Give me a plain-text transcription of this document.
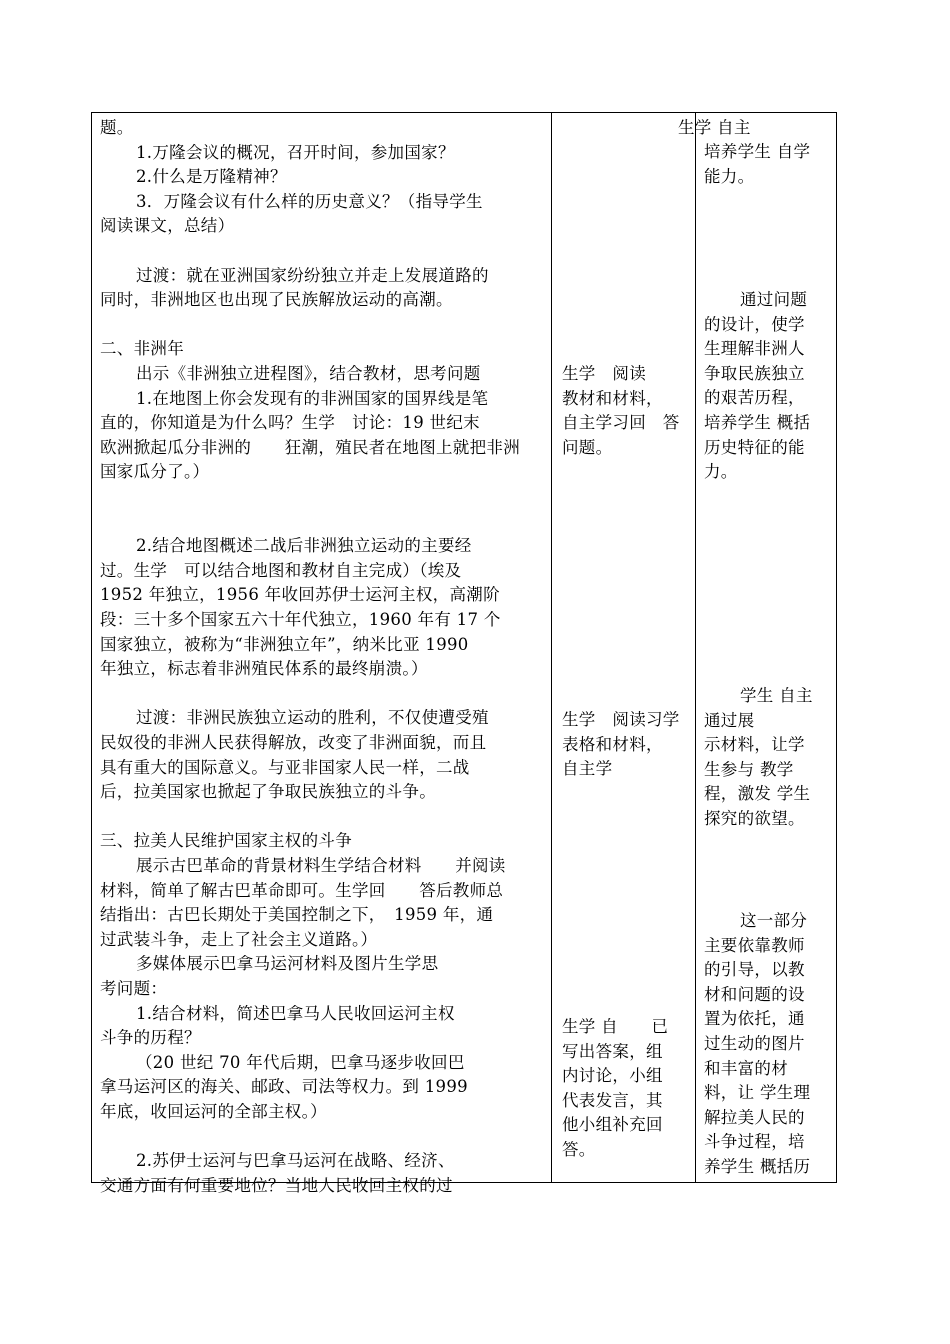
题。
1.万隆会议的概况，召开时间，参加国家？
2.什么是万隆精神？
3．万隆会议有什么样的历史意义？（指导学生
阅读课文，总结）
过渡：就在亚洲国家纷纷独立并走上发展道路的
同时，非洲地区也出现了民族解放运动的高潮。
二、非洲年
出示《非洲独立进程图》，结合教材，思考问题
1.在地图上你会发现有的非洲国家的国界线是笔
直的，你知道是为什么吗？生学　讨论：19 世纪末
欧洲掀起瓜分非洲的　　狂潮，殖民者在地图上就把非洲
国家瓜分了。）
2.结合地图概述二战后非洲独立运动的主要经
过。生学　可以结合地图和教材自主完成）（埃及
1952 年独立，1956 年收回苏伊士运河主权，高潮阶
段：三十多个国家五六十年代独立，1960 年有 17 个
国家独立，被称为“非洲独立年”，纳米比亚 1990
年独立，标志着非洲殖民体系的最终崩溃。）
过渡：非洲民族独立运动的胜利，不仅使遭受殖
民奴役的非洲人民获得解放，改变了非洲面貌，而且
具有重大的国际意义。与亚非国家人民一样，二战
后，拉美国家也掀起了争取民族独立的斗争。
三、拉美人民维护国家主权的斗争
展示古巴革命的背景材料生学结合材料　　并阅读
材料，简单了解古巴革命即可。生学回　　答后教师总
结指出：古巴长期处于美国控制之下，　1959 年，通
过武装斗争，走上了社会主义道路。）
多媒体展示巴拿马运河材料及图片生学思
考问题：
1.结合材料，简述巴拿马人民收回运河主权
斗争的历程？
（20 世纪 70 年代后期，巴拿马逐步收回巴
拿马运河区的海关、邮政、司法等权力。到 1999
年底，收回运河的全部主权。）
2.苏伊士运河与巴拿马运河在战略、经济、
交通方面有何重要地位？当地人民收回主权的过
生学 自主
生学　阅读
教材和材料，
自主学习回　答
问题。
生学　阅读习学
表格和材料，
自主学
生学 自　　已
写出答案，组
内讨论，小组
代表发言，其
他小组补充回
答。
培养学生 自学
能力。
通过问题
的设计，使学
生理解非洲人
争取民族独立
的艰苦历程，
培养学生 概括
历史特征的能
力。
学生 自主
通过展
示材料，让学
生参与 教学
程，激发 学生
探究的欲望。
这一部分
主要依靠教师
的引导，以教
材和问题的设
置为依托，通
过生动的图片
和丰富的材
料，让 学生理
解拉美人民的
斗争过程，培
养学生 概括历
